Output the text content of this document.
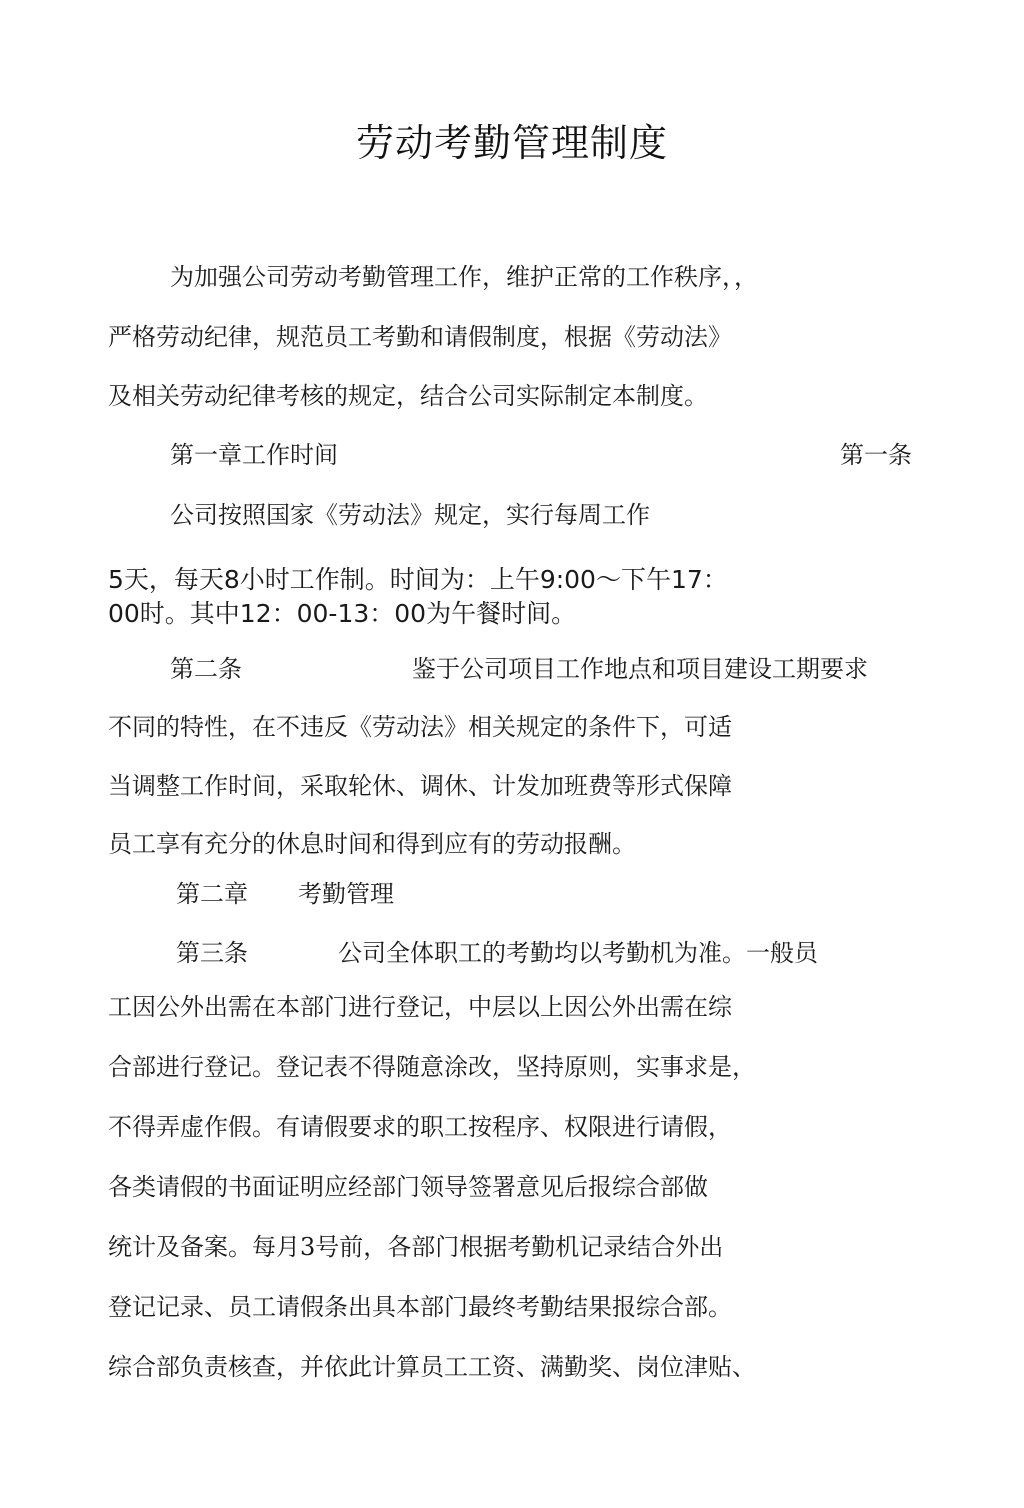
劳动考勤管理制度
为加强公司劳动考勤管理工作，维护正常的工作秩序，，
严格劳动纪律，规范员工考勤和请假制度，根据《劳动法》
及相关劳动纪律考核的规定，结合公司实际制定本制度。
第一章工作时间	第一条
公司按照国家《劳动法》规定，实行每周工作
5天，每天8小时工作制。时间为：上午9:00～下午17：
00时。其中12：00-13：00为午餐时间。
第二条	鉴于公司项目工作地点和项目建设工期要求
不同的特性，在不违反《劳动法》相关规定的条件下，可适
当调整工作时间，采取轮休、调休、计发加班费等形式保障
员工享有充分的休息时间和得到应有的劳动报酬。
第二章 考勤管理
第三条	公司全体职工的考勤均以考勤机为准。一般员
工因公外出需在本部门进行登记，中层以上因公外出需在综
合部进行登记。登记表不得随意涂改，坚持原则，实事求是，
不得弄虚作假。有请假要求的职工按程序、权限进行请假，
各类请假的书面证明应经部门领导签署意见后报综合部做
统计及备案。每月3号前，各部门根据考勤机记录结合外出
登记记录、员工请假条出具本部门最终考勤结果报综合部。
综合部负责核查，并依此计算员工工资、满勤奖、岗位津贴、
